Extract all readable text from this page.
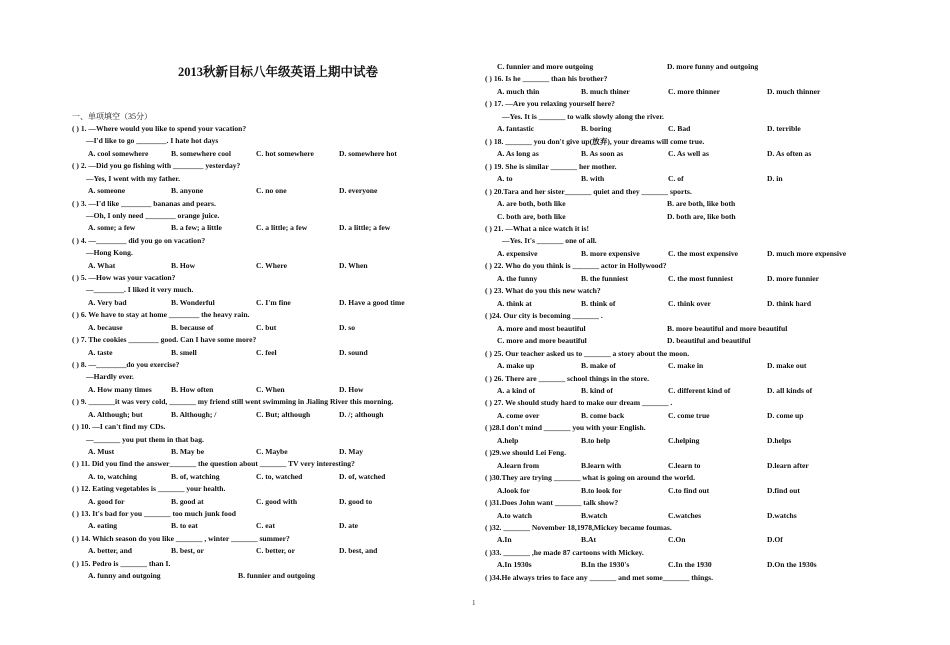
2013秋新目标八年级英语上期中试卷
一、单项填空（35分）
( ) 1. —Where would you like to spend your vacation?
—I'd like to go ________. I hate hot days
A. cool somewhere	B. somewhere cool	C. hot somewhere	D. somewhere hot
( ) 2. —Did you go fishing with ________ yesterday?
—Yes, I went with my father.
A. someone	B. anyone	C. no one	D. everyone
( ) 3. —I'd like ________ bananas and pears.
—Oh, I only need ________ orange juice.
A. some; a few	B. a few; a little	C. a little; a few	D. a little; a few
( ) 4. —________ did you go on vacation?
—Hong Kong.
A. What	B. How	C. Where	D. When
( ) 5. —How was your vacation?
—________. I liked it very much.
A. Very bad	B. Wonderful	C. I'm fine	D. Have a good time
( ) 6. We have to stay at home ________ the heavy rain.
A. because	B. because of	C. but	D. so
( ) 7. The cookies ________ good. Can I have some more?
A. taste	B. smell	C. feel	D. sound
( ) 8. —________do you exercise?
—Hardly ever.
A. How many times	B. How often	C. When	D. How
( ) 9. _______it was very cold, _______ my friend still went swimming in Jialing River this morning.
A. Although; but	B. Although; /	C. But; although	D. /; although
( ) 10. —I can't find my CDs.
—_______ you put them in that bag.
A. Must	B. May be	C. Maybe	D. May
( ) 11. Did you find the answer_______ the question about _______ TV very interesting?
A. to, watching	B. of, watching	C. to, watched	D. of, watched
( ) 12. Eating vegetables is _______ your health.
A. good for	B. good at	C. good with	D. good to
( ) 13. It's bad for you _______ too much junk food
A. eating	B. to eat	C. eat	D. ate
( ) 14. Which season do you like _______ , winter _______ summer?
A. better, and	B. best, or	C. better, or	D. best, and
( ) 15. Pedro is _______ than I.
A. funny and outgoing	B. funnier and outgoing
C. funnier and more outgoing	D. more funny and outgoing
( ) 16. Is he _______ than his brother?
A. much thin	B. much thiner	C. more thinner	D. much thinner
( ) 17. —Are you relaxing yourself here?
—Yes. It is _______ to walk slowly along the river.
A. fantastic	B. boring	C. Bad	D. terrible
( ) 18. _______ you don't give up(放弃), your dreams will come true.
A. As long as	B. As soon as	C. As well as	D. As often as
( ) 19. She is similar _______ her mother.
A. to	B. with	C. of	D. in
( ) 20.Tara and her sister_______ quiet and they _______ sports.
A. are both, both like	B. are both, like both
C. both are, both like	D. both are, like both
( ) 21. —What a nice watch it is!
—Yes. It's _______ one of all.
A. expensive	B. more expensive	C. the most expensive	D. much more expensive
( ) 22. Who do you think is _______ actor in Hollywood?
A. the funny	B. the funniest	C. the most funniest	D. more funnier
( ) 23. What do you this new watch?
A. think at	B. think of	C. think over	D. think hard
( )24. Our city is becoming _______ .
A. more and most beautiful	B. more beautiful and more beautiful
C. more and more beautiful	D. beautiful and beautiful
( ) 25. Our teacher asked us to _______ a story about the moon.
A. make up	B. make of	C. make in	D. make out
( ) 26. There are _______ school things in the store.
A. a kind of	B. kind of	C. different kind of	D. all kinds of
( ) 27. We should study hard to make our dream _______ .
A. come over	B. come back	C. come true	D. come up
( )28.I don't mind _______ you with your English.
A.help	B.to help	C.helping	D.helps
( )29.we should Lei Feng.
A.learn from	B.learn with	C.learn to	D.learn after
( )30.They are trying _______ what is going on around the world.
A.look for	B.to look for	C.to find out	D.find out
( )31.Does John want _______ talk show?
A.to watch	B.watch	C.watches	D.watchs
( )32. _______ November 18,1978,Mickey became foumas.
A.In	B.At	C.On	D.Of
( )33. _______ ,he made 87 cartoons with Mickey.
A.In 1930s	B.In the 1930's	C.In the 1930	D.On the 1930s
( )34.He always tries to face any _______ and met some_______ things.
1
